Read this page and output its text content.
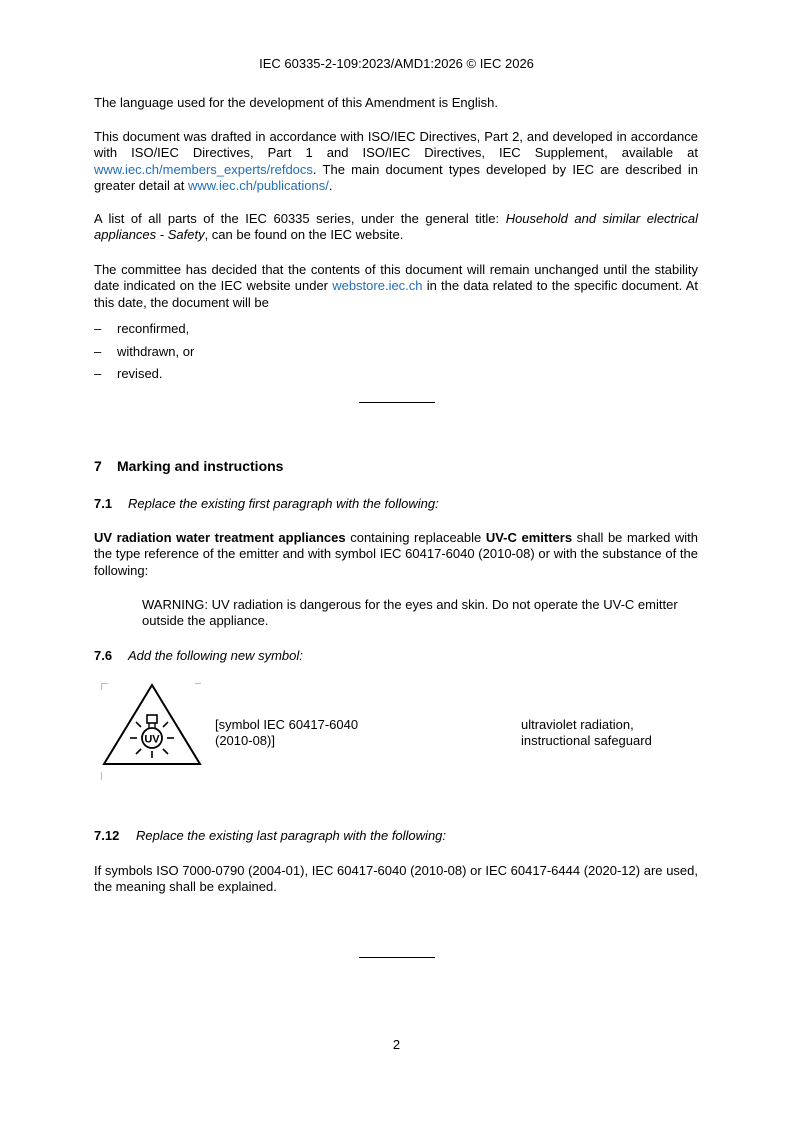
IEC 60335-2-109:2023/AMD1:2026 © IEC 2026
The language used for the development of this Amendment is English.
This document was drafted in accordance with ISO/IEC Directives, Part 2, and developed in accordance with ISO/IEC Directives, Part 1 and ISO/IEC Directives, IEC Supplement, available at www.iec.ch/members_experts/refdocs. The main document types developed by IEC are described in greater detail at www.iec.ch/publications/.
A list of all parts of the IEC 60335 series, under the general title: Household and similar electrical appliances - Safety, can be found on the IEC website.
The committee has decided that the contents of this document will remain unchanged until the stability date indicated on the IEC website under webstore.iec.ch in the data related to the specific document. At this date, the document will be
– reconfirmed,
– withdrawn, or
– revised.
7 Marking and instructions
7.1 Replace the existing first paragraph with the following:
UV radiation water treatment appliances containing replaceable UV-C emitters shall be marked with the type reference of the emitter and with symbol IEC 60417-6040 (2010-08) or with the substance of the following:
WARNING: UV radiation is dangerous for the eyes and skin. Do not operate the UV-C emitter outside the appliance.
7.6 Add the following new symbol:
UV
[symbol IEC 60417-6040
(2010-08)]
ultraviolet radiation,
instructional safeguard
7.12 Replace the existing last paragraph with the following:
If symbols ISO 7000-0790 (2004-01), IEC 60417-6040 (2010-08) or IEC 60417-6444 (2020-12) are used, the meaning shall be explained.
2
